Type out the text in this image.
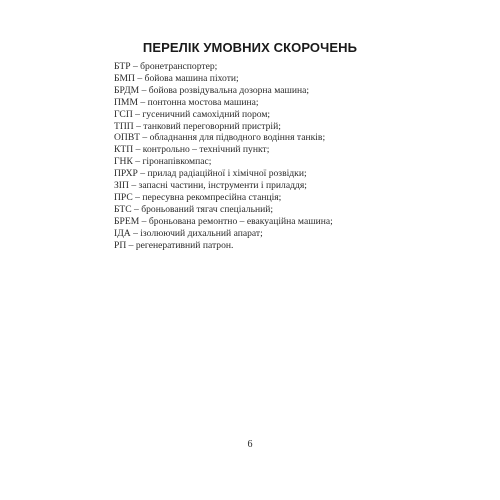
ПЕРЕЛІК УМОВНИХ СКОРОЧЕНЬ
БТР – бронетранспортер;
БМП – бойова машина піхоти;
БРДМ – бойова розвідувальна дозорна машина;
ПММ – понтонна мостова машина;
ГСП – гусеничний самохідний пором;
ТПП – танковий переговорний пристрій;
ОПВТ – обладнання для підводного водіння танків;
КТП – контрольно – технічний пункт;
ГНК – гіронапівкомпас;
ПРХР – прилад радіаційної і хімічної розвідки;
ЗІП – запасні частини, інструменти і приладдя;
ПРС – пересувна рекомпресійна станція;
БТС – броньований тягач спеціальний;
БРЕМ – броньована ремонтно – евакуаційна машина;
ІДА – ізолюючий дихальний апарат;
РП – регенеративний патрон.
6
